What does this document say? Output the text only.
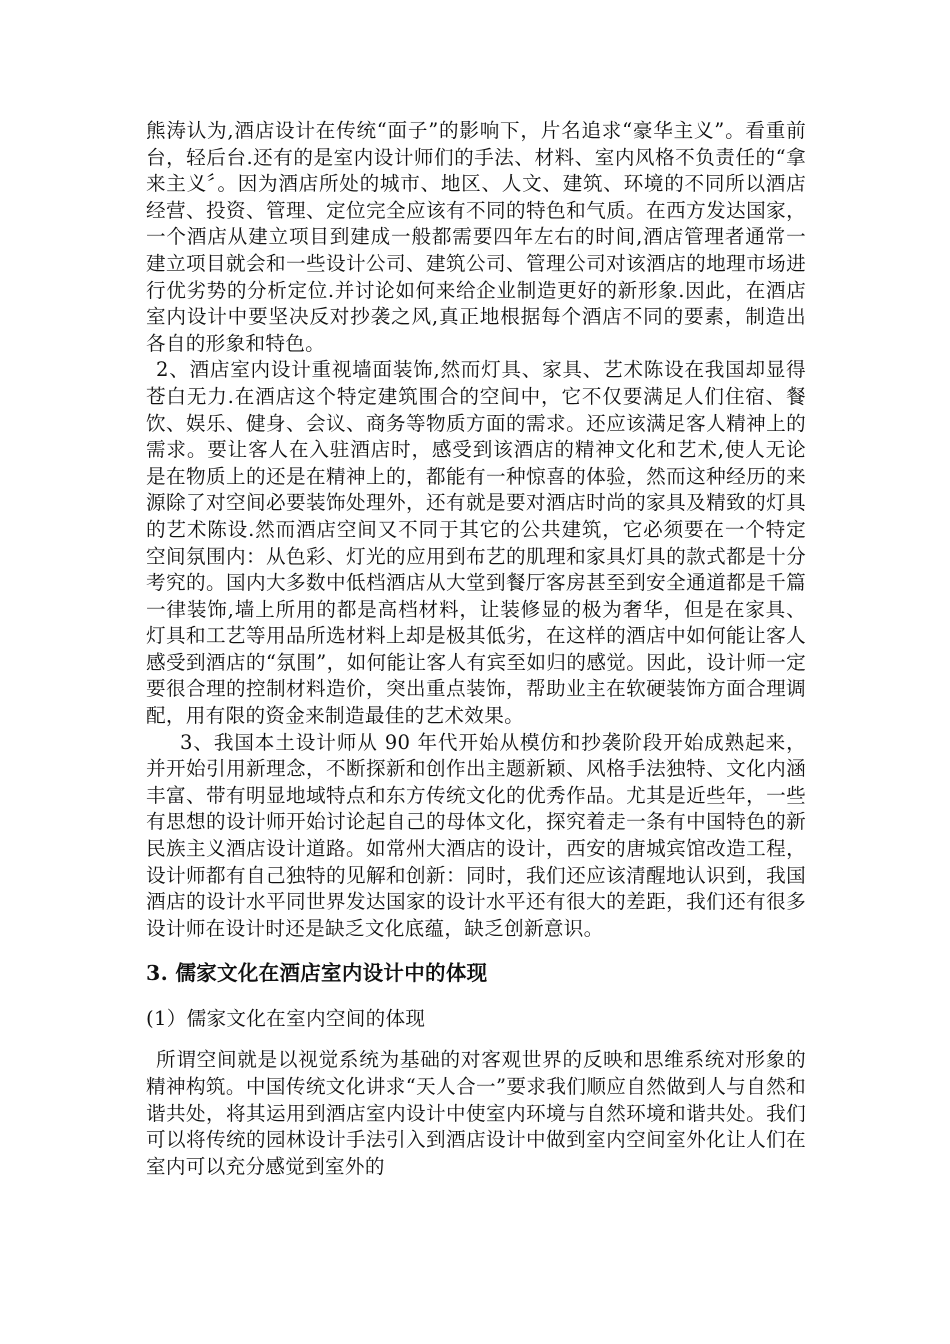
熊涛认为,酒店设计在传统“面子”的影响下，片名追求“豪华主义”。看重前台，轻后台.还有的是室内设计师们的手法、材料、室内风格不负责任的“拿来主义〞。因为酒店所处的城市、地区、人文、建筑、环境的不同所以酒店经营、投资、管理、定位完全应该有不同的特色和气质。在西方发达国家，一个酒店从建立项目到建成一般都需要四年左右的时间,酒店管理者通常一建立项目就会和一些设计公司、建筑公司、管理公司对该酒店的地理市场进行优劣势的分析定位.并讨论如何来给企业制造更好的新形象.因此，在酒店室内设计中要坚决反对抄袭之风,真正地根据每个酒店不同的要素，制造出各自的形象和特色。

2、酒店室内设计重视墙面装饰,然而灯具、家具、艺术陈设在我国却显得苍白无力.在酒店这个特定建筑围合的空间中，它不仅要满足人们住宿、餐饮、娱乐、健身、会议、商务等物质方面的需求。还应该满足客人精神上的需求。要让客人在入驻酒店时，感受到该酒店的精神文化和艺术,使人无论是在物质上的还是在精神上的，都能有一种惊喜的体验，然而这种经历的来源除了对空间必要装饰处理外，还有就是要对酒店时尚的家具及精致的灯具的艺术陈设.然而酒店空间又不同于其它的公共建筑，它必须要在一个特定空间氛围内：从色彩、灯光的应用到布艺的肌理和家具灯具的款式都是十分考究的。国内大多数中低档酒店从大堂到餐厅客房甚至到安全通道都是千篇一律装饰,墙上所用的都是高档材料，让装修显的极为奢华，但是在家具、灯具和工艺等用品所选材料上却是极其低劣，在这样的酒店中如何能让客人感受到酒店的“氛围”，如何能让客人有宾至如归的感觉。因此，设计师一定要很合理的控制材料造价，突出重点装饰，帮助业主在软硬装饰方面合理调配，用有限的资金来制造最佳的艺术效果。

3、我国本土设计师从 90 年代开始从模仿和抄袭阶段开始成熟起来，并开始引用新理念，不断探新和创作出主题新颖、风格手法独特、文化内涵丰富、带有明显地域特点和东方传统文化的优秀作品。尤其是近些年，一些有思想的设计师开始讨论起自己的母体文化，探究着走一条有中国特色的新民族主义酒店设计道路。如常州大酒店的设计，西安的唐城宾馆改造工程，设计师都有自己独特的见解和创新：同时，我们还应该清醒地认识到，我国酒店的设计水平同世界发达国家的设计水平还有很大的差距，我们还有很多设计师在设计时还是缺乏文化底蕴，缺乏创新意识。

3. 儒家文化在酒店室内设计中的体现

(1）儒家文化在室内空间的体现

所谓空间就是以视觉系统为基础的对客观世界的反映和思维系统对形象的精神构筑。中国传统文化讲求“天人合一”要求我们顺应自然做到人与自然和谐共处，将其运用到酒店室内设计中使室内环境与自然环境和谐共处。我们可以将传统的园林设计手法引入到酒店设计中做到室内空间室外化让人们在室内可以充分感觉到室外的
